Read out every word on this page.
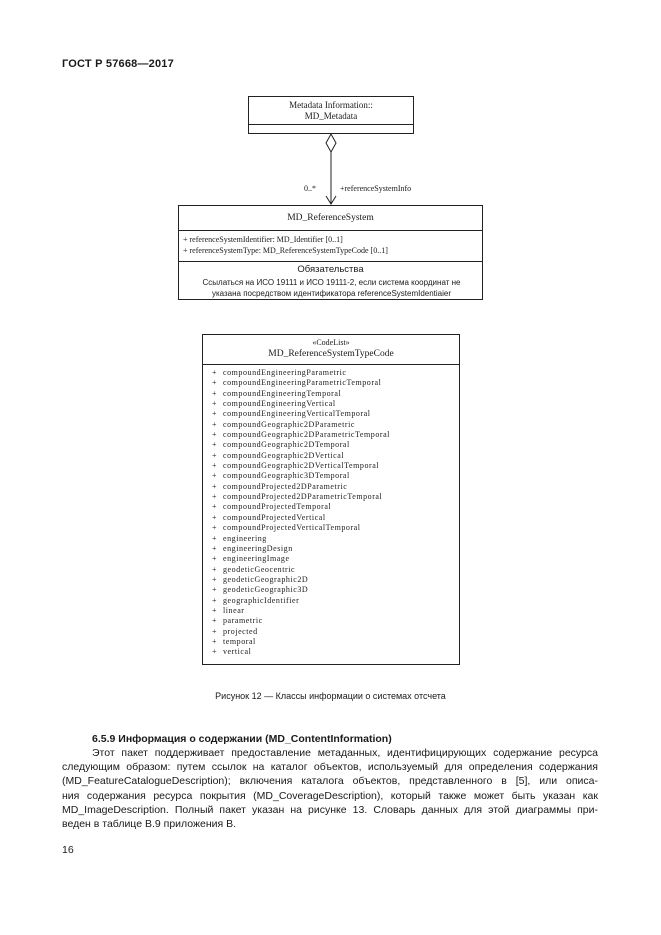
ГОСТ Р 57668—2017
0..*	+referenceSystemInfo
Metadata Information::
MD_Metadata
MD_ReferenceSystem
+ referenceSystemIdentifier: MD_Identifier [0..1]
+ referenceSystemType: MD_ReferenceSystemTypeCode [0..1]
Обязательства
Ссылаться на ИСО 19111 и ИСО 19111-2, если система координат не
указана посредством идентификатора referenceSystemIdentiaier
«CodeList»
MD_ReferenceSystemTypeCode
+ compoundEngineeringParametric
+ compoundEngineeringParametricTemporal
+ compoundEngineeringTemporal
+ compoundEngineeringVertical
+ compoundEngineeringVerticalTemporal
+ compoundGeographic2DParametric
+ compoundGeographic2DParametricTemporal
+ compoundGeographic2DTemporal
+ compoundGeographic2DVertical
+ compoundGeographic2DVerticalTemporal
+ compoundGeographic3DTemporal
+ compoundProjected2DParametric
+ compoundProjected2DParametricTemporal
+ compoundProjectedTemporal
+ compoundProjectedVertical
+ compoundProjectedVerticalTemporal
+ engineering
+ engineeringDesign
+ engineeringImage
+ geodeticGeocentric
+ geodeticGeographic2D
+ geodeticGeographic3D
+ geographicIdentifier
+ linear
+ parametric
+ projected
+ temporal
+ vertical
Рисунок 12 — Классы информации о системах отсчета
6.5.9 Информация о содержании (MD_ContentInformation)

Этот пакет поддерживает предоставление метаданных, идентифицирующих содержание ресурса
следующим образом: путем ссылок на каталог объектов, используемый для определения содержания
(MD_FeatureCatalogueDescription); включения каталога объектов, представленного в [5], или описа-
ния содержания ресурса покрытия (MD_CoverageDescription), который также может быть указан как
MD_ImageDescription. Полный пакет указан на рисунке 13. Словарь данных для этой диаграммы при-
веден в таблице В.9 приложения В.

16
